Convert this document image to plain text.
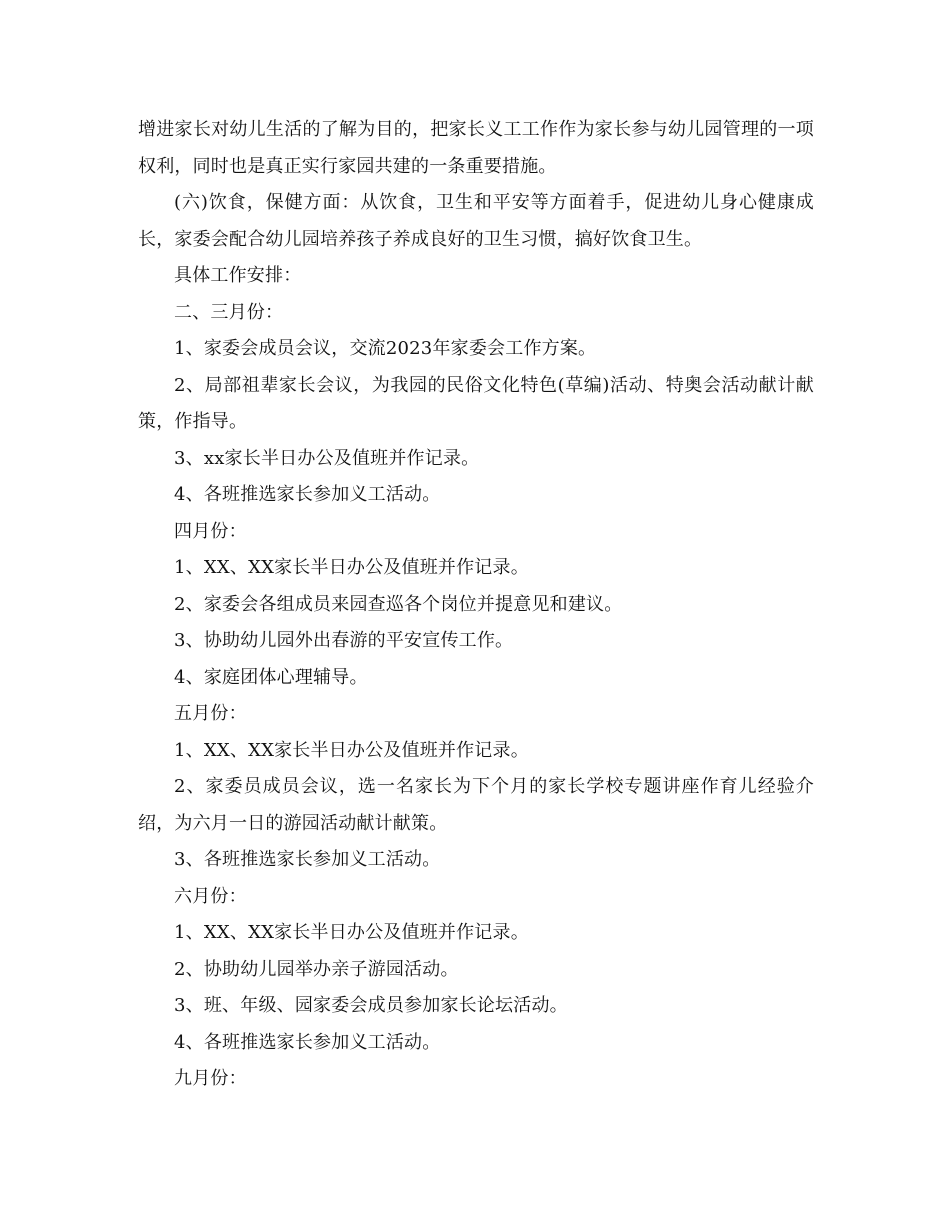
增进家长对幼儿生活的了解为目的，把家长义工工作作为家长参与幼儿园管理的一项权利，同时也是真正实行家园共建的一条重要措施。

(六)饮食，保健方面：从饮食，卫生和平安等方面着手，促进幼儿身心健康成长，家委会配合幼儿园培养孩子养成良好的卫生习惯，搞好饮食卫生。

具体工作安排：

二、三月份：

1、家委会成员会议，交流2023年家委会工作方案。

2、局部祖辈家长会议，为我园的民俗文化特色(草编)活动、特奥会活动献计献策，作指导。

3、xx家长半日办公及值班并作记录。

4、各班推选家长参加义工活动。

四月份：

1、XX、XX家长半日办公及值班并作记录。

2、家委会各组成员来园查巡各个岗位并提意见和建议。

3、协助幼儿园外出春游的平安宣传工作。

4、家庭团体心理辅导。

五月份：

1、XX、XX家长半日办公及值班并作记录。

2、家委员成员会议，选一名家长为下个月的家长学校专题讲座作育儿经验介绍，为六月一日的游园活动献计献策。

3、各班推选家长参加义工活动。

六月份：

1、XX、XX家长半日办公及值班并作记录。

2、协助幼儿园举办亲子游园活动。

3、班、年级、园家委会成员参加家长论坛活动。

4、各班推选家长参加义工活动。

九月份：
